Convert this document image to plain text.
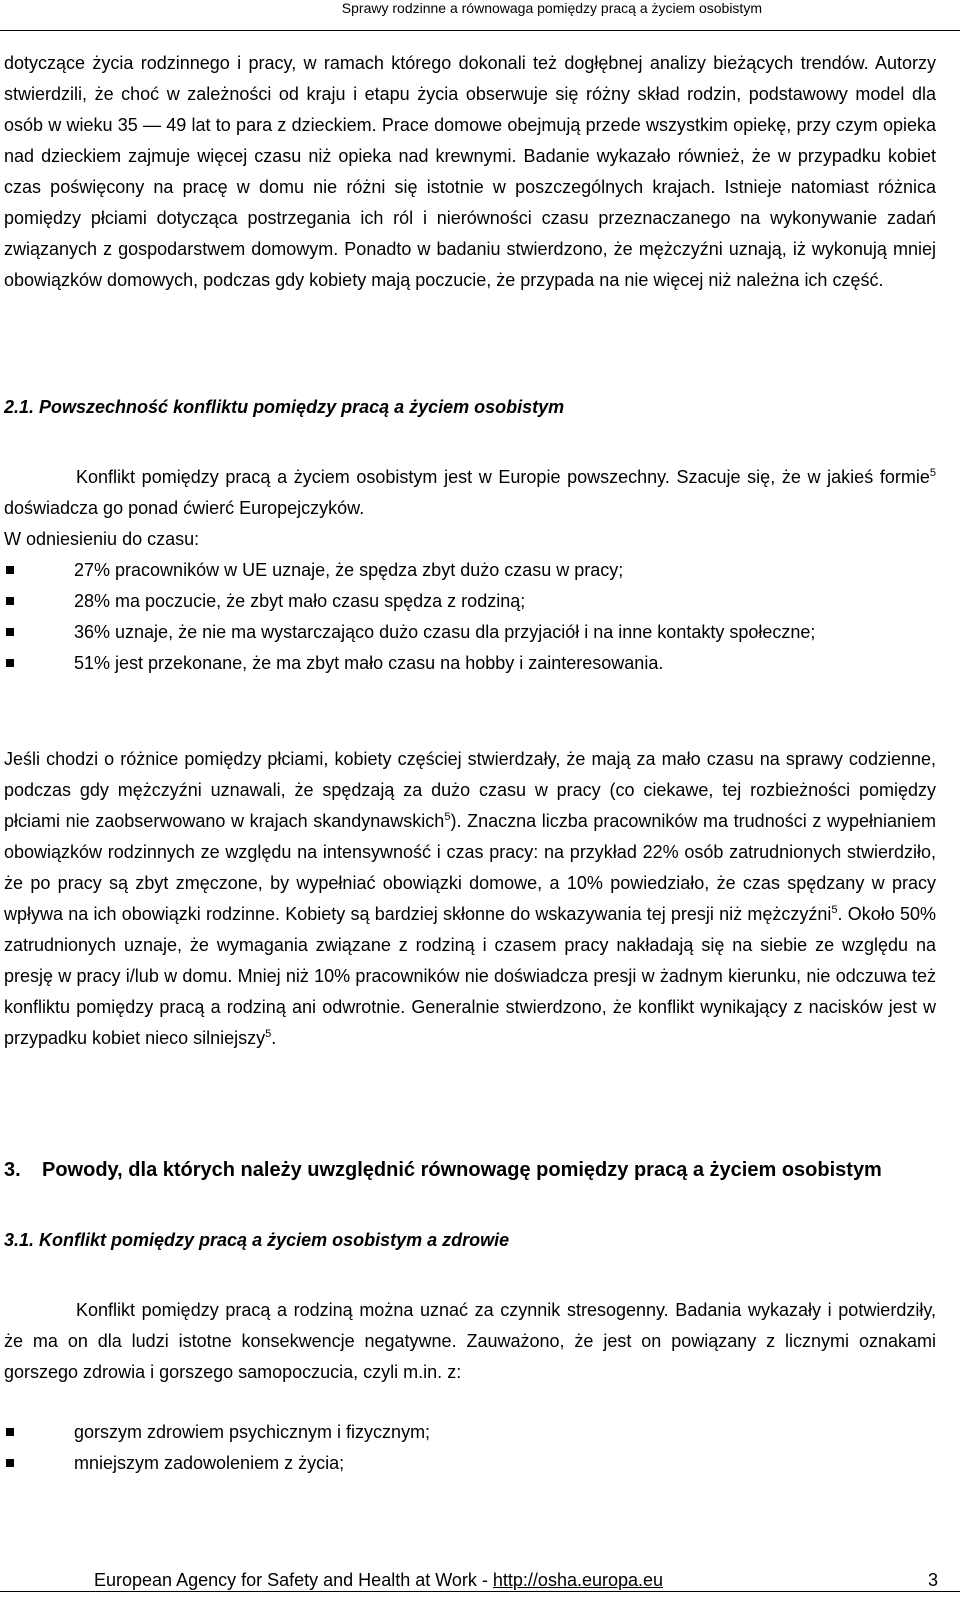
Sprawy rodzinne a równowaga pomiędzy pracą a życiem osobistym
dotyczące życia rodzinnego i pracy, w ramach którego dokonali też dogłębnej analizy bieżących trendów. Autorzy stwierdzili, że choć w zależności od kraju i etapu życia obserwuje się różny skład rodzin, podstawowy model dla osób w wieku 35 — 49 lat to para z dzieckiem. Prace domowe obejmują przede wszystkim opiekę, przy czym opieka nad dzieckiem zajmuje więcej czasu niż opieka nad krewnymi. Badanie wykazało również, że w przypadku kobiet czas poświęcony na pracę w domu nie różni się istotnie w poszczególnych krajach. Istnieje natomiast różnica pomiędzy płciami dotycząca postrzegania ich ról i nierówności czasu przeznaczanego na wykonywanie zadań związanych z gospodarstwem domowym. Ponadto w badaniu stwierdzono, że mężczyźni uznają, iż wykonują mniej obowiązków domowych, podczas gdy kobiety mają poczucie, że przypada na nie więcej niż należna ich część.
2.1. Powszechność konfliktu pomiędzy pracą a życiem osobistym
Konflikt pomiędzy pracą a życiem osobistym jest w Europie powszechny. Szacuje się, że w jakieś formie$^5$ doświadcza go ponad ćwierć Europejczyków.
W odniesieniu do czasu:
27% pracowników w UE uznaje, że spędza zbyt dużo czasu w pracy;
28% ma poczucie, że zbyt mało czasu spędza z rodziną;
36% uznaje, że nie ma wystarczająco dużo czasu dla przyjaciół i na inne kontakty społeczne;
51% jest przekonane, że ma zbyt mało czasu na hobby i zainteresowania.
Jeśli chodzi o różnice pomiędzy płciami, kobiety częściej stwierdzały, że mają za mało czasu na sprawy codzienne, podczas gdy mężczyźni uznawali, że spędzają za dużo czasu w pracy (co ciekawe, tej rozbieżności pomiędzy płciami nie zaobserwowano w krajach skandynawskich$^5$). Znaczna liczba pracowników ma trudności z wypełnianiem obowiązków rodzinnych ze względu na intensywność i czas pracy: na przykład 22% osób zatrudnionych stwierdziło, że po pracy są zbyt zmęczone, by wypełniać obowiązki domowe, a 10% powiedziało, że czas spędzany w pracy wpływa na ich obowiązki rodzinne. Kobiety są bardziej skłonne do wskazywania tej presji niż mężczyźni$^5$. Około 50% zatrudnionych uznaje, że wymagania związane z rodziną i czasem pracy nakładają się na siebie ze względu na presję w pracy i/lub w domu. Mniej niż 10% pracowników nie doświadcza presji w żadnym kierunku, nie odczuwa też konfliktu pomiędzy pracą a rodziną ani odwrotnie. Generalnie stwierdzono, że konflikt wynikający z nacisków jest w przypadku kobiet nieco silniejszy$^5$.
3. Powody, dla których należy uwzględnić równowagę pomiędzy pracą a życiem osobistym
3.1. Konflikt pomiędzy pracą a życiem osobistym a zdrowie
Konflikt pomiędzy pracą a rodziną można uznać za czynnik stresogenny. Badania wykazały i potwierdziły, że ma on dla ludzi istotne konsekwencje negatywne. Zauważono, że jest on powiązany z licznymi oznakami gorszego zdrowia i gorszego samopoczucia, czyli m.in. z:
gorszym zdrowiem psychicznym i fizycznym;
mniejszym zadowoleniem z życia;
European Agency for Safety and Health at Work - http://osha.europa.eu	3
